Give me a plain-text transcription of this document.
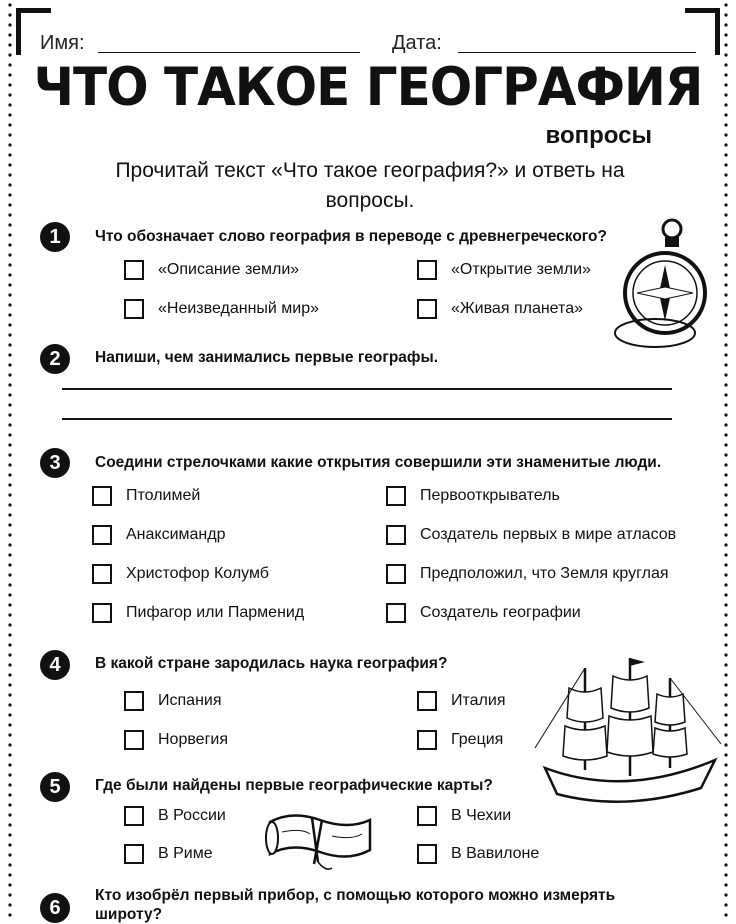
Имя:	Дата:
ЧТО ТАКОЕ ГЕОГРАФИЯ
вопросы
Прочитай текст «Что такое география?» и ответь на вопросы.
1	Что обозначает слово география в переводе с древнегреческого?
«Описание земли»	«Открытие земли»
«Неизведанный мир»	«Живая планета»
2	Напиши, чем занимались первые географы.
3	Соедини стрелочками какие открытия совершили эти знаменитые люди.
Птолимей
Анаксимандр
Христофор Колумб
Пифагор или Парменид
Первооткрыватель
Создатель первых в мире атласов
Предположил, что Земля круглая
Создатель географии
4	В какой стране зародилась наука география?
Испания	Италия
Норвегия	Греция
5	Где были найдены первые географические карты?
В России	В Чехии
В Риме	В Вавилоне
6
Кто изобрёл первый прибор, с помощью которого можно измерять
широту?
